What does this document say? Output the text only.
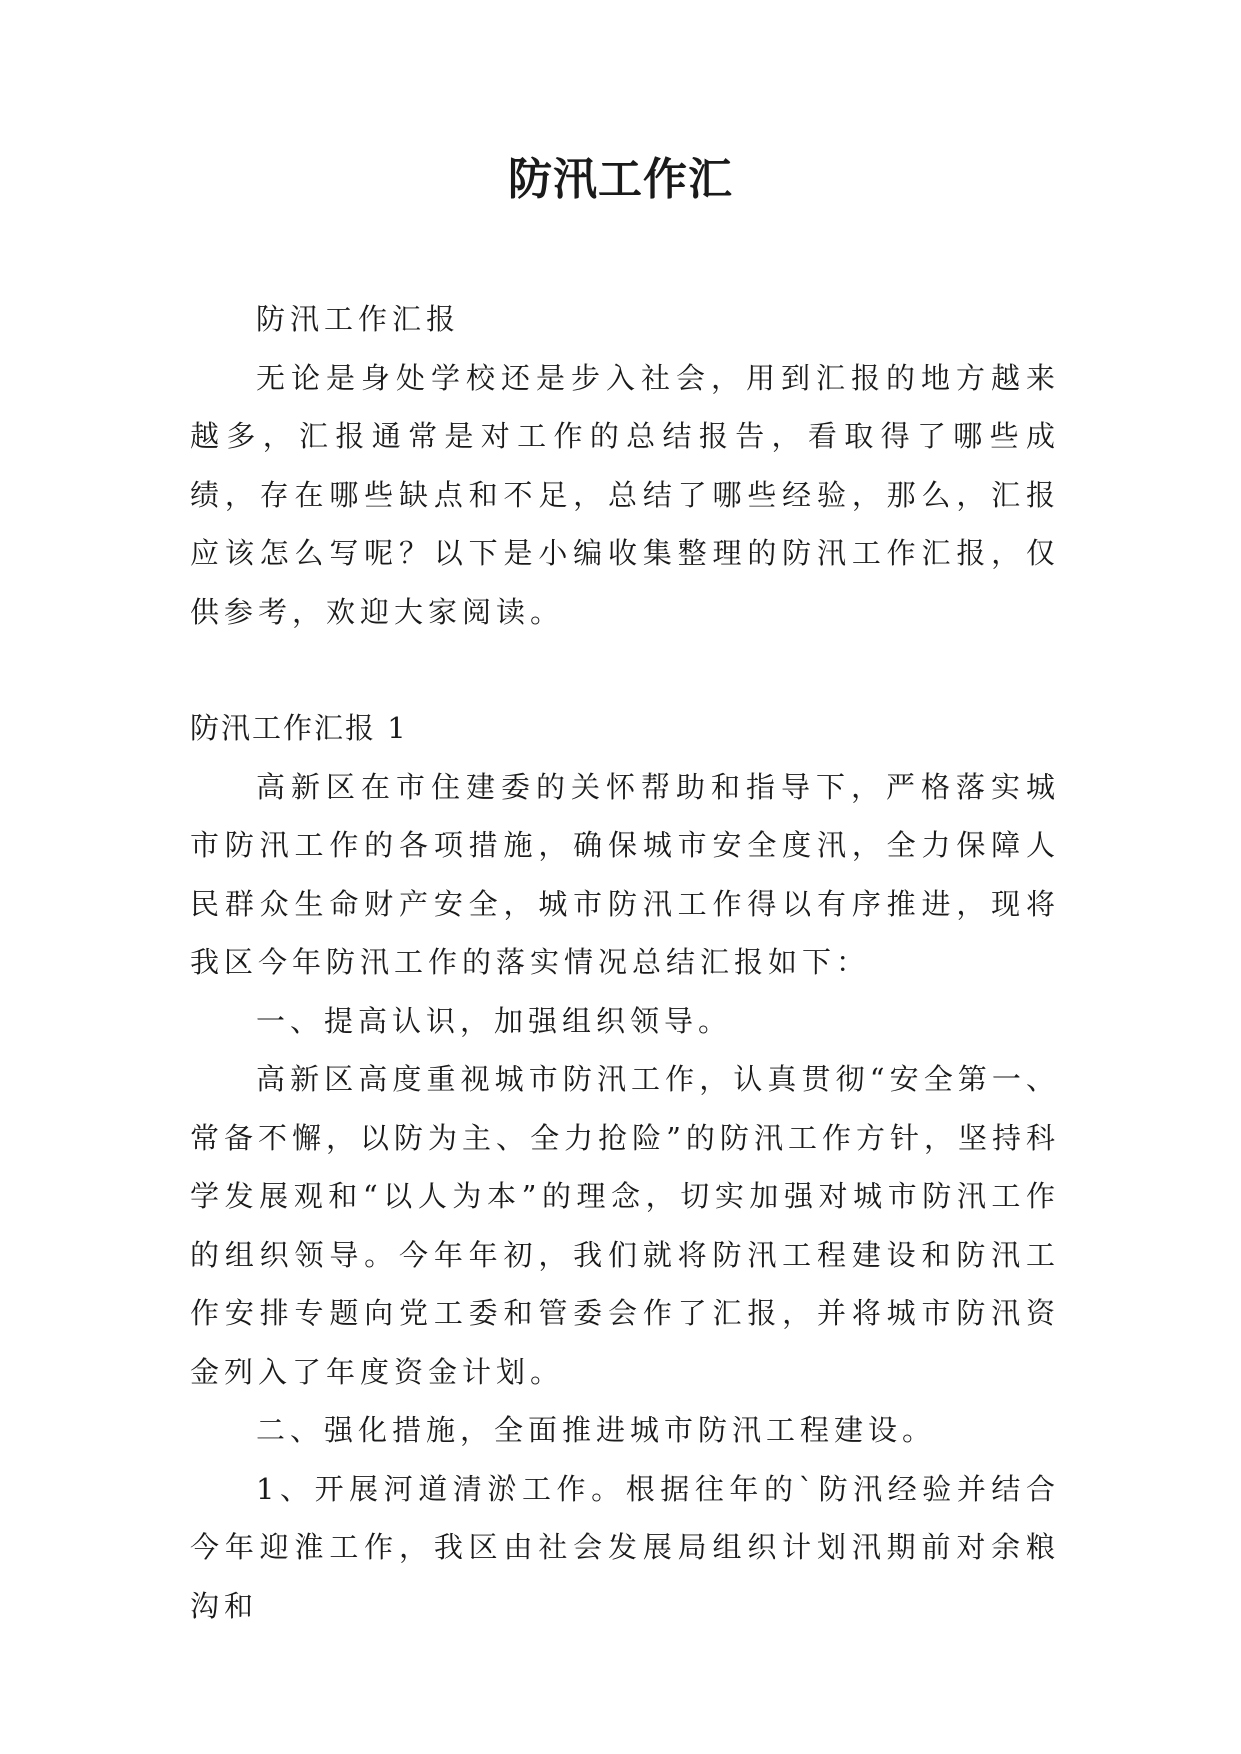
防汛工作汇

防汛工作汇报

无论是身处学校还是步入社会，用到汇报的地方越来越多，汇报通常是对工作的总结报告，看取得了哪些成绩，存在哪些缺点和不足，总结了哪些经验，那么，汇报应该怎么写呢？以下是小编收集整理的防汛工作汇报，仅供参考，欢迎大家阅读。

防汛工作汇报 1

高新区在市住建委的关怀帮助和指导下，严格落实城市防汛工作的各项措施，确保城市安全度汛，全力保障人民群众生命财产安全，城市防汛工作得以有序推进，现将我区今年防汛工作的落实情况总结汇报如下：

一、提高认识，加强组织领导。

高新区高度重视城市防汛工作，认真贯彻“安全第一、常备不懈，以防为主、全力抢险”的防汛工作方针，坚持科学发展观和“以人为本”的理念，切实加强对城市防汛工作的组织领导。今年年初，我们就将防汛工程建设和防汛工作安排专题向党工委和管委会作了汇报，并将城市防汛资金列入了年度资金计划。

二、强化措施，全面推进城市防汛工程建设。

1、开展河道清淤工作。根据往年的`防汛经验并结合今年迎淮工作，我区由社会发展局组织计划汛期前对余粮沟和
